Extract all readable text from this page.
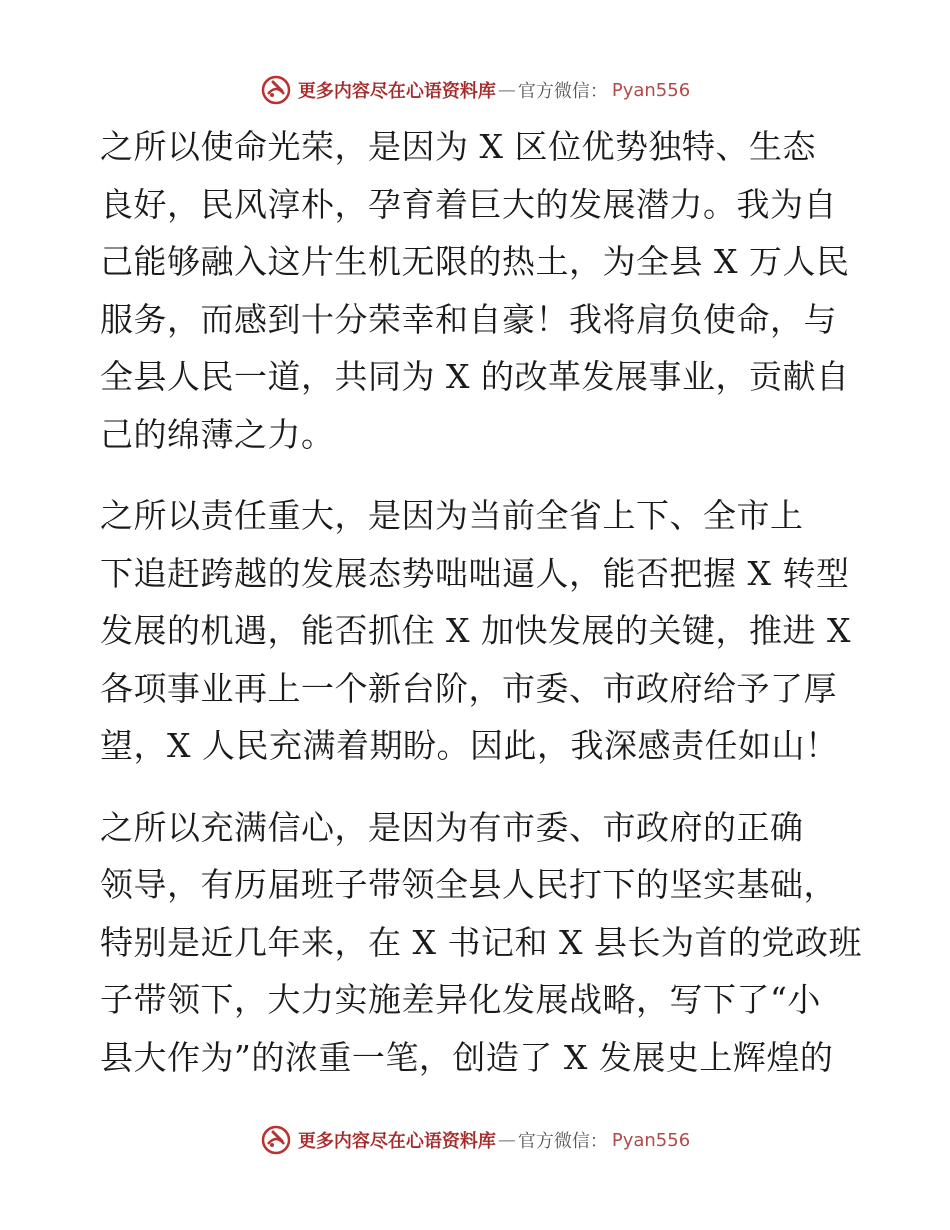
更多内容尽在心语资料库 — 官方微信： Pyan556

之所以使命光荣，是因为 X 区位优势独特、生态
良好，民风淳朴，孕育着巨大的发展潜力。我为自
己能够融入这片生机无限的热土，为全县 X 万人民
服务，而感到十分荣幸和自豪！我将肩负使命，与
全县人民一道，共同为 X 的改革发展事业，贡献自
己的绵薄之力。

之所以责任重大，是因为当前全省上下、全市上
下追赶跨越的发展态势咄咄逼人，能否把握 X 转型
发展的机遇，能否抓住 X 加快发展的关键，推进 X
各项事业再上一个新台阶，市委、市政府给予了厚
望，X 人民充满着期盼。因此，我深感责任如山！

之所以充满信心，是因为有市委、市政府的正确
领导，有历届班子带领全县人民打下的坚实基础，
特别是近几年来，在 X 书记和 X 县长为首的党政班
子带领下，大力实施差异化发展战略，写下了“小
县大作为”的浓重一笔，创造了 X 发展史上辉煌的

更多内容尽在心语资料库 — 官方微信： Pyan556
